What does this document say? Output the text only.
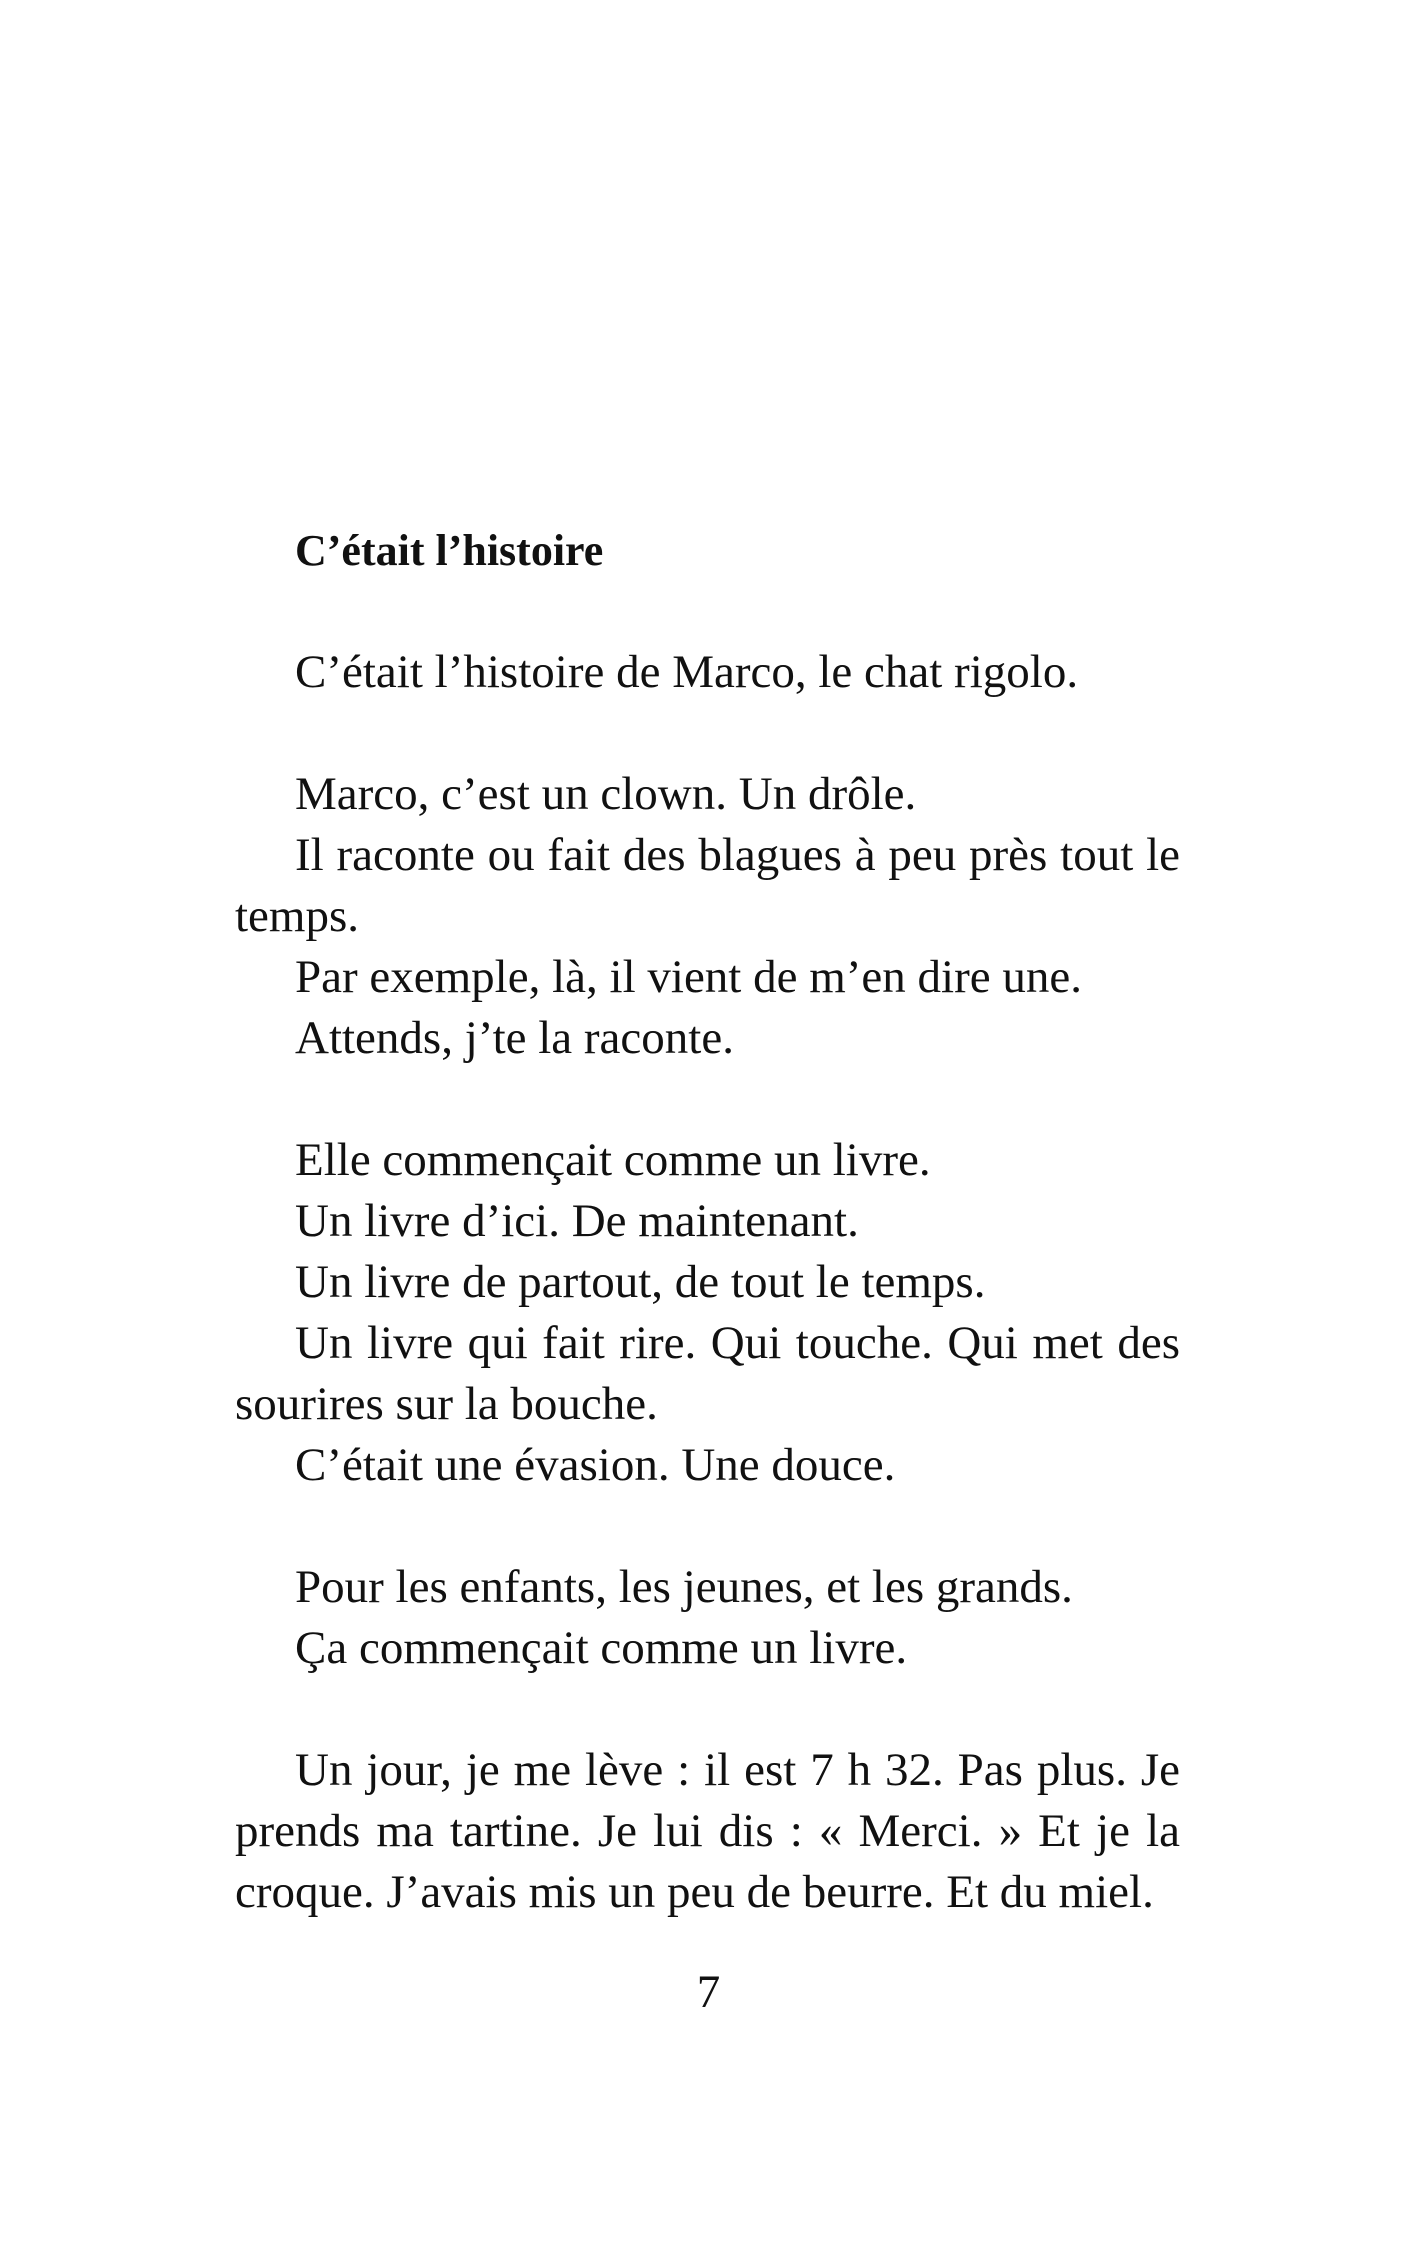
C’était l’histoire

C’était l’histoire de Marco, le chat rigolo.

Marco, c’est un clown. Un drôle.

Il raconte ou fait des blagues à peu près tout le temps.

Par exemple, là, il vient de m’en dire une.

Attends, j’te la raconte.

Elle commençait comme un livre.

Un livre d’ici. De maintenant.

Un livre de partout, de tout le temps.

Un livre qui fait rire. Qui touche. Qui met des sourires sur la bouche.

C’était une évasion. Une douce.

Pour les enfants, les jeunes, et les grands.

Ça commençait comme un livre.

Un jour, je me lève : il est 7 h 32. Pas plus. Je prends ma tartine. Je lui dis : « Merci. » Et je la croque. J’avais mis un peu de beurre. Et du miel.

7
